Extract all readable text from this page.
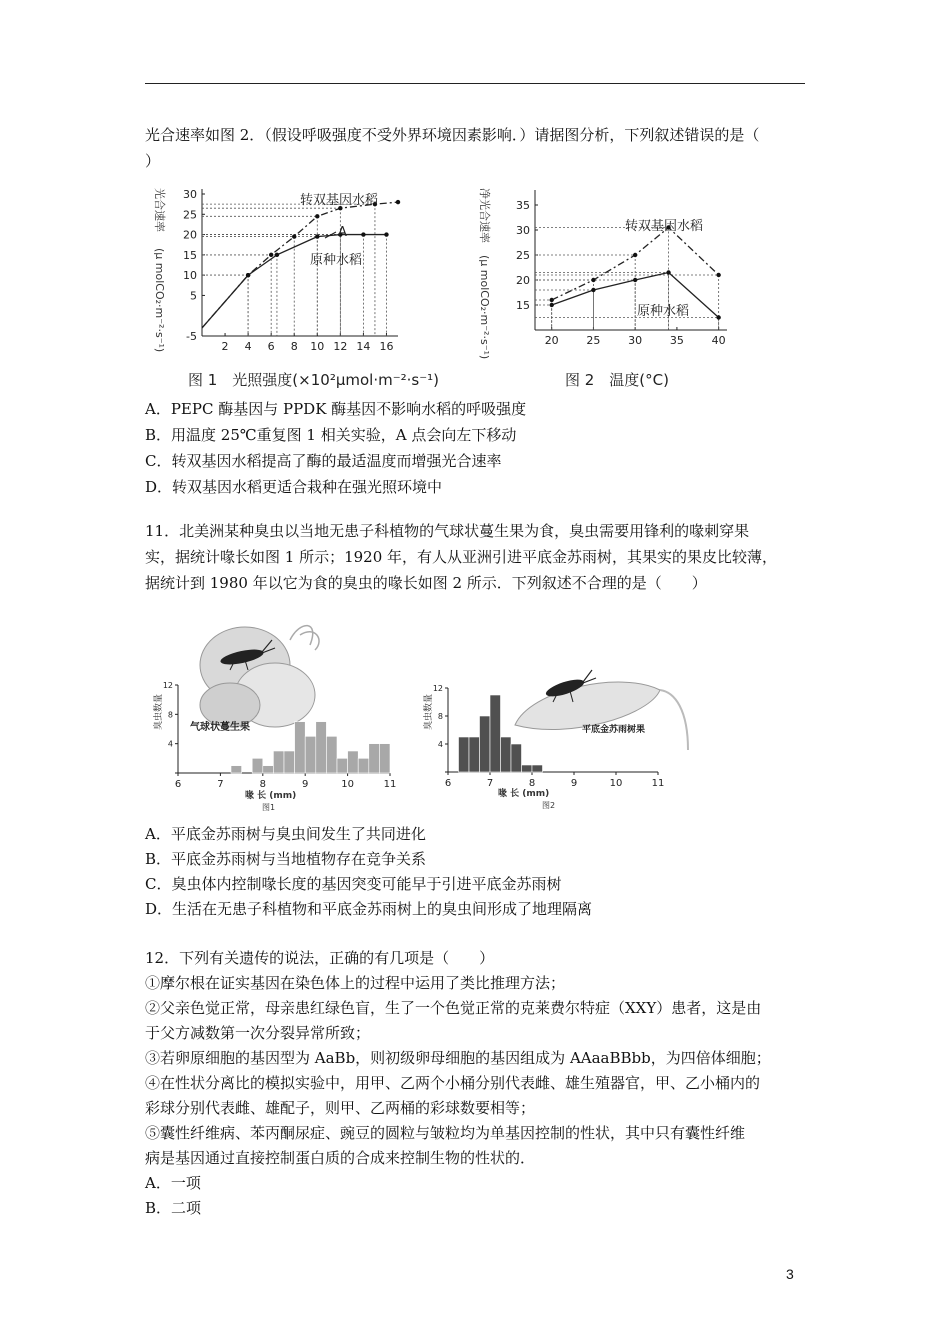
光合速率如图 2．（假设呼吸强度不受外界环境因素影响．）请据图分析，下列叙述错误的是（
）
光合速率
(μ molCO₂·m⁻²·s⁻¹)	2 4 6 8 10 12 14 16
-5
5
10
15
20
25
30	转双基因水稻
原种水稻
A
图 1　光照强度(×10²μmol·m⁻²·s⁻¹)
净光合速率
(μ molCO₂·m⁻²·s⁻¹)	20	25	30	35	40
15
20
25
30
35
转双基因水稻
原种水稻
图 2　温度(°C)
A．PEPC 酶基因与 PPDK 酶基因不影响水稻的呼吸强度
B．用温度 25℃重复图 1 相关实验，A 点会向左下移动
C．转双基因水稻提高了酶的最适温度而增强光合速率
D．转双基因水稻更适合栽种在强光照环境中
11．北美洲某种臭虫以当地无患子科植物的气球状蔓生果为食，臭虫需要用锋利的喙刺穿果
实，据统计喙长如图 1 所示；1920 年，有人从亚洲引进平底金苏雨树，其果实的果皮比较薄，
据统计到 1980 年以它为食的臭虫的喙长如图 2 所示．下列叙述不合理的是（　　）
气球状蔓生果
臭虫数量
6	7	8	9	10	11
4
8
12
喙 长 (mm)
图1
平底金苏雨树果
臭虫数量
6	7	8	9	10	11
4
8
12
喙 长 (mm)
图2
A．平底金苏雨树与臭虫间发生了共同进化
B．平底金苏雨树与当地植物存在竞争关系
C．臭虫体内控制喙长度的基因突变可能早于引进平底金苏雨树
D．生活在无患子科植物和平底金苏雨树上的臭虫间形成了地理隔离
12．下列有关遗传的说法，正确的有几项是（　　）
①摩尔根在证实基因在染色体上的过程中运用了类比推理方法；
②父亲色觉正常，母亲患红绿色盲，生了一个色觉正常的克莱费尔特症（XXY）患者，这是由
于父方减数第一次分裂异常所致；
③若卵原细胞的基因型为 AaBb，则初级卵母细胞的基因组成为 AAaaBBbb，为四倍体细胞；
④在性状分离比的模拟实验中，用甲、乙两个小桶分别代表雌、雄生殖器官，甲、乙小桶内的
彩球分别代表雌、雄配子，则甲、乙两桶的彩球数要相等；
⑤囊性纤维病、苯丙酮尿症、豌豆的圆粒与皱粒均为单基因控制的性状，其中只有囊性纤维
病是基因通过直接控制蛋白质的合成来控制生物的性状的．
A．一项
B．二项
3
